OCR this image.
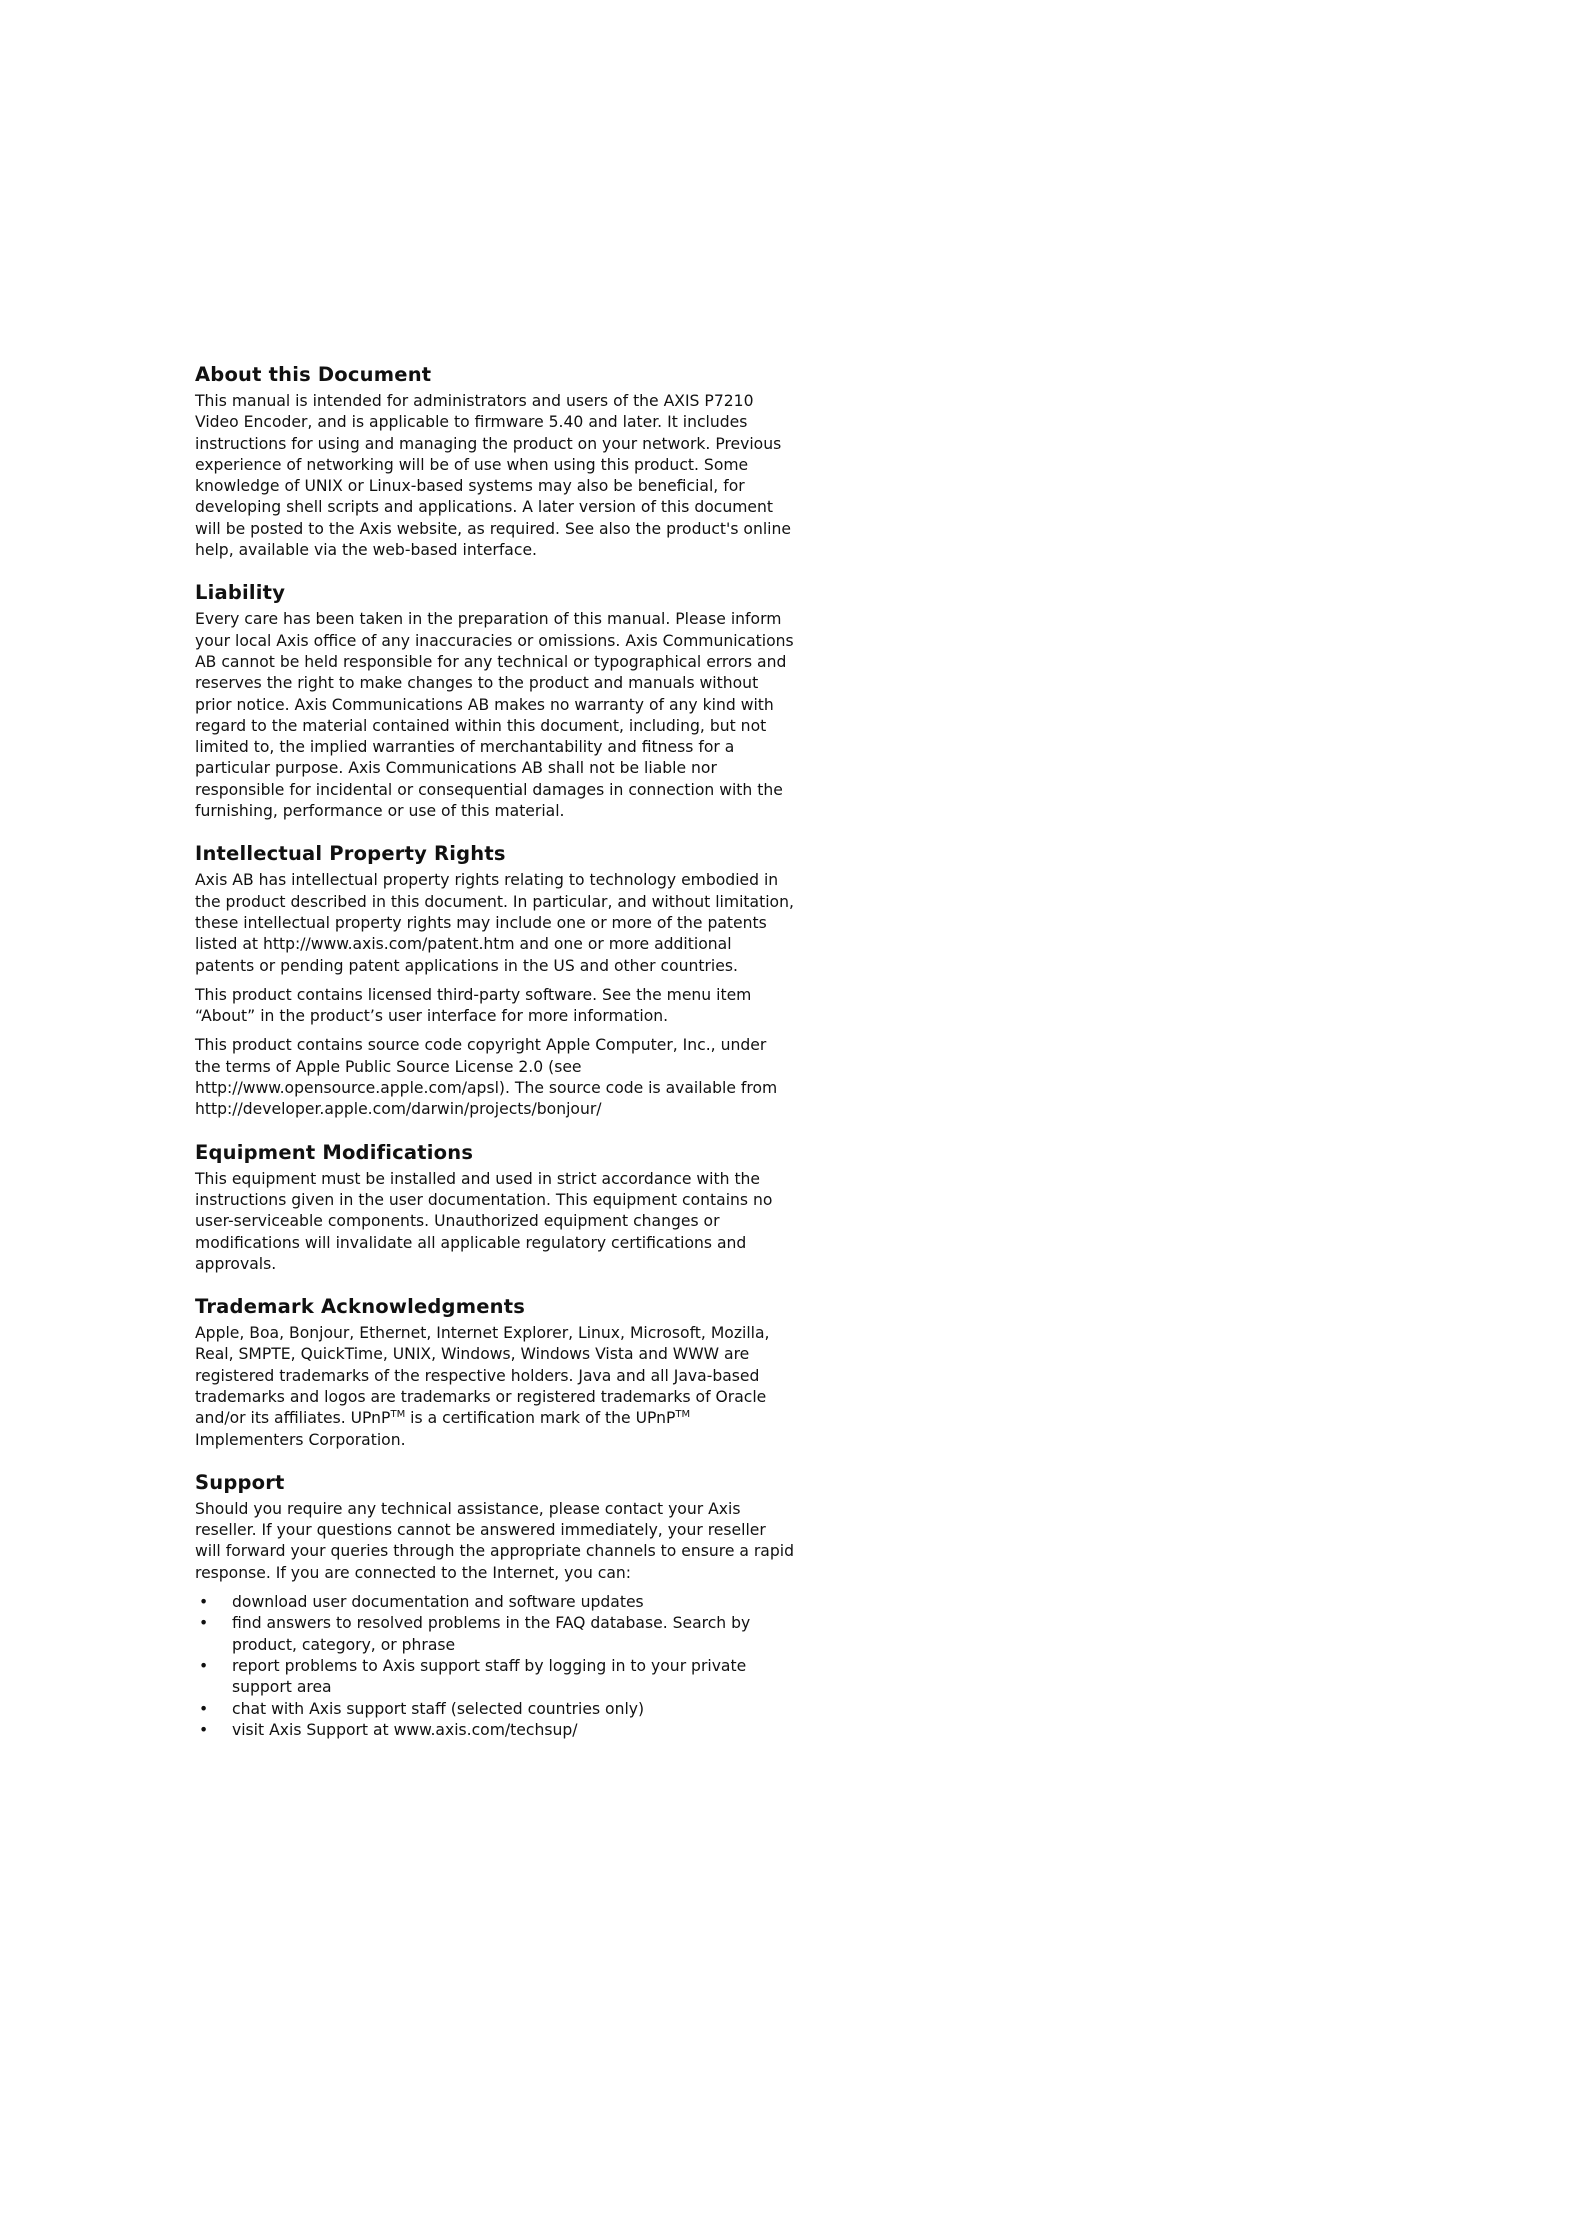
About this Document

This manual is intended for administrators and users of the AXIS P7210 Video Encoder, and is applicable to firmware 5.40 and later. It includes instructions for using and managing the product on your network. Previous experience of networking will be of use when using this product. Some knowledge of UNIX or Linux-based systems may also be beneficial, for developing shell scripts and applications. A later version of this document will be posted to the Axis website, as required. See also the product's online help, available via the web-based interface.

Liability

Every care has been taken in the preparation of this manual. Please inform your local Axis office of any inaccuracies or omissions. Axis Communications AB cannot be held responsible for any technical or typographical errors and reserves the right to make changes to the product and manuals without prior notice. Axis Communications AB makes no warranty of any kind with regard to the material contained within this document, including, but not limited to, the implied warranties of merchantability and fitness for a particular purpose. Axis Communications AB shall not be liable nor responsible for incidental or consequential damages in connection with the furnishing, performance or use of this material.

Intellectual Property Rights

Axis AB has intellectual property rights relating to technology embodied in the product described in this document. In particular, and without limitation, these intellectual property rights may include one or more of the patents listed at http://www.axis.com/patent.htm and one or more additional patents or pending patent applications in the US and other countries.

This product contains licensed third-party software. See the menu item “About” in the product’s user interface for more information.

This product contains source code copyright Apple Computer, Inc., under the terms of Apple Public Source License 2.0 (see http://www.opensource.apple.com/apsl). The source code is available from http://developer.apple.com/darwin/projects/bonjour/

Equipment Modifications

This equipment must be installed and used in strict accordance with the instructions given in the user documentation. This equipment contains no user-serviceable components. Unauthorized equipment changes or modifications will invalidate all applicable regulatory certifications and approvals.

Trademark Acknowledgments

Apple, Boa, Bonjour, Ethernet, Internet Explorer, Linux, Microsoft, Mozilla, Real, SMPTE, QuickTime, UNIX, Windows, Windows Vista and WWW are registered trademarks of the respective holders. Java and all Java-based trademarks and logos are trademarks or registered trademarks of Oracle and/or its affiliates. UPnP™ is a certification mark of the UPnP™ Implementers Corporation.

Support

Should you require any technical assistance, please contact your Axis reseller. If your questions cannot be answered immediately, your reseller will forward your queries through the appropriate channels to ensure a rapid response. If you are connected to the Internet, you can:

• download user documentation and software updates
• find answers to resolved problems in the FAQ database. Search by product, category, or phrase
• report problems to Axis support staff by logging in to your private support area
• chat with Axis support staff (selected countries only)
• visit Axis Support at www.axis.com/techsup/
